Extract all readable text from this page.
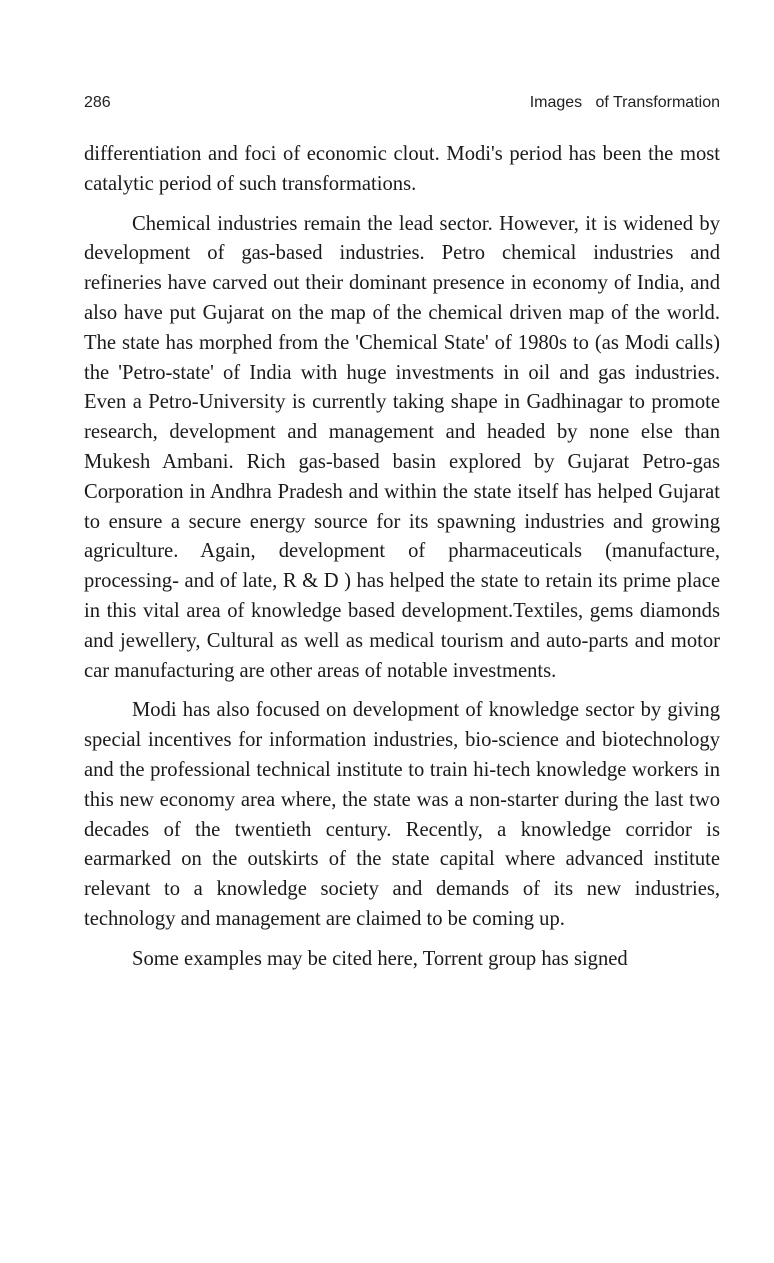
286	Images   of Transformation

differentiation and foci of economic clout. Modi's period has been the most catalytic period of such transformations.

Chemical industries remain the lead sector. However, it is widened by development of gas-based industries. Petro chemical industries and refineries have carved out their dominant presence in economy of India, and also have put Gujarat on the map of the chemical driven map of the world. The state has morphed from the 'Chemical State' of 1980s to (as Modi calls) the 'Petro-state' of India with huge investments in oil and gas industries. Even a Petro-University is currently taking shape in Gadhinagar to promote research, development and management and headed by none else than Mukesh Ambani. Rich gas-based basin explored by Gujarat Petro-gas Corporation in Andhra Pradesh and within the state itself has helped Gujarat to ensure a secure energy source for its spawning industries and growing agriculture. Again, development of pharmaceuticals (manufacture, processing- and of late, R & D ) has helped the state to retain its prime place in this vital area of knowledge based development.Textiles, gems diamonds and jewellery, Cultural as well as medical tourism and auto-parts and motor car manufacturing are other areas of notable investments.

Modi has also focused on development of knowledge sector by giving special incentives for information industries, bio-science and biotechnology and the professional technical institute to train hi-tech knowledge workers in this new economy area where, the state was a non-starter during the last two decades of the twentieth century. Recently, a knowledge corridor is earmarked on the outskirts of the state capital where advanced institute relevant to a knowledge society and demands of its new industries, technology and management are claimed to be coming up.

Some examples may be cited here, Torrent group has signed
